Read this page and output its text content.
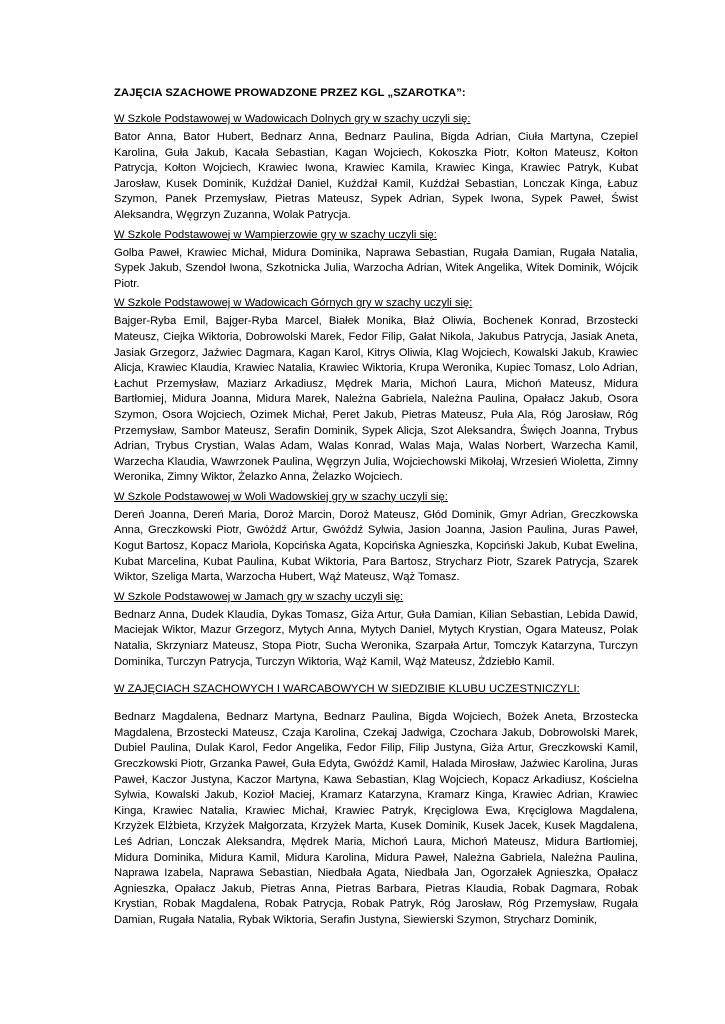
ZAJĘCIA SZACHOWE PROWADZONE PRZEZ KGL „SZAROTKA”:
W Szkole Podstawowej w Wadowicach Dolnych gry w szachy uczyli się:
Bator Anna, Bator Hubert, Bednarz Anna, Bednarz Paulina, Bigda Adrian, Ciuła Martyna, Czepiel Karolina, Guła Jakub, Kacała Sebastian, Kagan Wojciech, Kokoszka Piotr, Kołton Mateusz, Kołton Patrycja, Kołton Wojciech, Krawiec Iwona, Krawiec Kamila, Krawiec Kinga, Krawiec Patryk, Kubat Jarosław, Kusek Dominik, Kuźdżał Daniel, Kuźdżał Kamil, Kuźdżał Sebastian, Lonczak Kinga, Łabuz Szymon, Panek Przemysław, Pietras Mateusz, Sypek Adrian, Sypek Iwona, Sypek Paweł, Świst Aleksandra, Węgrzyn Zuzanna, Wolak Patrycja.
W Szkole Podstawowej w Wampierzowie gry w szachy uczyli się:
Golba Paweł, Krawiec Michał, Midura Dominika, Naprawa Sebastian, Rugała Damian, Rugała Natalia, Sypek Jakub, Szendoł Iwona, Szkotnicka Julia, Warzocha Adrian, Witek Angelika, Witek Dominik, Wójcik Piotr.
W Szkole Podstawowej w Wadowicach Górnych gry w szachy uczyli się:
Bajger-Ryba Emil, Bajger-Ryba Marcel, Białek Monika, Błaż Oliwia, Bochenek Konrad, Brzostecki Mateusz, Ciejka Wiktoria, Dobrowolski Marek, Fedor Filip, Gałat Nikola, Jakubus Patrycja, Jasiak Aneta, Jasiak Grzegorz, Jaźwiec Dagmara, Kagan Karol, Kitrys Oliwia, Klag Wojciech, Kowalski Jakub, Krawiec Alicja, Krawiec Klaudia, Krawiec Natalia, Krawiec Wiktoria, Krupa Weronika, Kupiec Tomasz, Lolo Adrian, Łachut Przemysław, Maziarz Arkadiusz, Mędrek Maria, Michoń Laura, Michoń Mateusz, Midura Bartłomiej, Midura Joanna, Midura Marek, Należna Gabriela, Należna Paulina, Opałacz Jakub, Osora Szymon, Osora Wojciech, Ozimek Michał, Peret Jakub, Pietras Mateusz, Puła Ala, Róg Jarosław, Róg Przemysław, Sambor Mateusz, Serafin Dominik, Sypek Alicja, Szot Aleksandra, Święch Joanna, Trybus Adrian, Trybus Crystian, Walas Adam, Walas Konrad, Walas Maja, Walas Norbert, Warzecha Kamil, Warzecha Klaudia, Wawrzonek Paulina, Węgrzyn Julia, Wojciechowski Mikołaj, Wrzesień Wioletta, Zimny Weronika, Zimny Wiktor, Żelazko Anna, Żelazko Wojciech.
W Szkole Podstawowej w Woli Wadowskiej gry w szachy uczyli się:
Dereń Joanna, Dereń Maria, Doroż Marcin, Doroż Mateusz, Głód Dominik, Gmyr Adrian, Greczkowska Anna, Greczkowski Piotr, Gwóźdź Artur, Gwóźdź Sylwia, Jasion Joanna, Jasion Paulina, Juras Paweł, Kogut Bartosz, Kopacz Mariola, Kopcińska Agata, Kopcińska Agnieszka, Kopciński Jakub, Kubat Ewelina, Kubat Marcelina, Kubat Paulina, Kubat Wiktoria, Para Bartosz, Strycharz Piotr, Szarek Patrycja, Szarek Wiktor, Szeliga Marta, Warzocha Hubert, Wąż Mateusz, Wąż Tomasz.
W Szkole Podstawowej w Jamach gry w szachy uczyli się:
Bednarz Anna, Dudek Klaudia, Dykas Tomasz, Giża Artur, Guła Damian, Kilian Sebastian, Lebida Dawid, Maciejak Wiktor, Mazur Grzegorz, Mytych Anna, Mytych Daniel, Mytych Krystian, Ogara Mateusz, Polak Natalia, Skrzyniarz Mateusz, Stopa Piotr, Sucha Weronika, Szarpała Artur, Tomczyk Katarzyna, Turczyn Dominika, Turczyn Patrycja, Turczyn Wiktoria, Wąż Kamil, Wąż Mateusz, Żdziebło Kamil.
W ZAJĘCIACH SZACHOWYCH I WARCABOWYCH W SIEDZIBIE KLUBU UCZESTNICZYLI:
Bednarz Magdalena, Bednarz Martyna, Bednarz Paulina, Bigda Wojciech, Bożek Aneta, Brzostecka Magdalena, Brzostecki Mateusz, Czaja Karolina, Czekaj Jadwiga, Czochara Jakub, Dobrowolski Marek, Dubiel Paulina, Dulak Karol, Fedor Angelika, Fedor Filip, Filip Justyna, Giża Artur, Greczkowski Kamil, Greczkowski Piotr, Grzanka Paweł, Guła Edyta, Gwóźdź Kamil, Halada Mirosław, Jaźwiec Karolina, Juras Paweł, Kaczor Justyna, Kaczor Martyna, Kawa Sebastian, Klag Wojciech, Kopacz Arkadiusz, Kościelna Sylwia, Kowalski Jakub, Kozioł Maciej, Kramarz Katarzyna, Kramarz Kinga, Krawiec Adrian, Krawiec Kinga, Krawiec Natalia, Krawiec Michał, Krawiec Patryk, Kręciglowa Ewa, Kręciglowa Magdalena, Krzyżek Elżbieta, Krzyżek Małgorzata, Krzyżek Marta, Kusek Dominik, Kusek Jacek, Kusek Magdalena, Leś Adrian, Lonczak Aleksandra, Mędrek Maria, Michoń Laura, Michoń Mateusz, Midura Bartłomiej, Midura Dominika, Midura Kamil, Midura Karolina, Midura Paweł, Należna Gabriela, Należna Paulina, Naprawa Izabela, Naprawa Sebastian, Niedbała Agata, Niedbała Jan, Ogorzałek Agnieszka, Opałacz Agnieszka, Opałacz Jakub, Pietras Anna, Pietras Barbara, Pietras Klaudia, Robak Dagmara, Robak Krystian, Robak Magdalena, Robak Patrycja, Robak Patryk, Róg Jarosław, Róg Przemysław, Rugała Damian, Rugała Natalia, Rybak Wiktoria, Serafin Justyna, Siewierski Szymon, Strycharz Dominik,
